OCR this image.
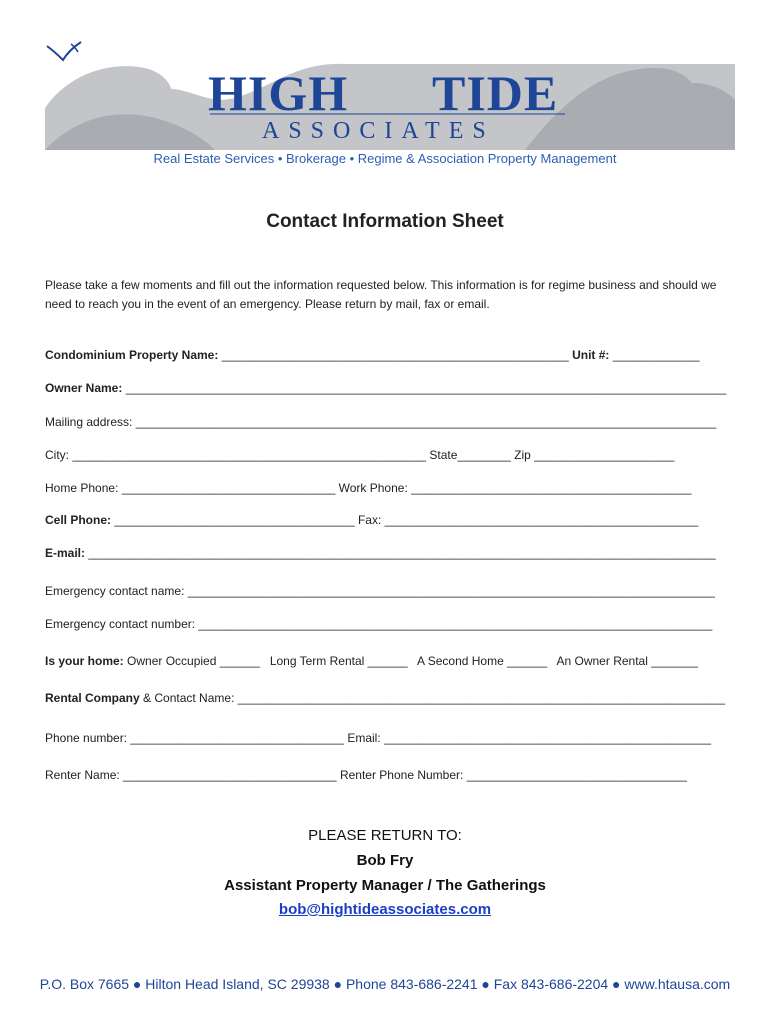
HIGH TIDE
ASSOCIATES
Real Estate Services • Brokerage • Regime & Association Property Management
Contact Information Sheet
Please take a few moments and fill out the information requested below. This information is for regime business and should we need to reach you in the event of an emergency. Please return by mail, fax or email.
Condominium Property Name: ____________________________________________________ Unit #: _____________
Owner Name: __________________________________________________________________________________________
Mailing address: _______________________________________________________________________________________
City: _____________________________________________________ State________ Zip _____________________
Home Phone: ________________________________ Work Phone: __________________________________________
Cell Phone: ____________________________________ Fax: _______________________________________________
E-mail: ______________________________________________________________________________________________
Emergency contact name: _______________________________________________________________________________
Emergency contact number: _____________________________________________________________________________
Is your home: Owner Occupied ______ Long Term Rental ______ A Second Home ______ An Owner Rental _______
Rental Company & Contact Name: _________________________________________________________________________
Phone number: ________________________________ Email: _________________________________________________
Renter Name: ________________________________ Renter Phone Number: _________________________________
PLEASE RETURN TO:
Bob Fry
Assistant Property Manager / The Gatherings
bob@hightideassociates.com
P.O. Box 7665 ● Hilton Head Island, SC 29938 ● Phone 843-686-2241 ● Fax 843-686-2204 ● www.htausa.com
